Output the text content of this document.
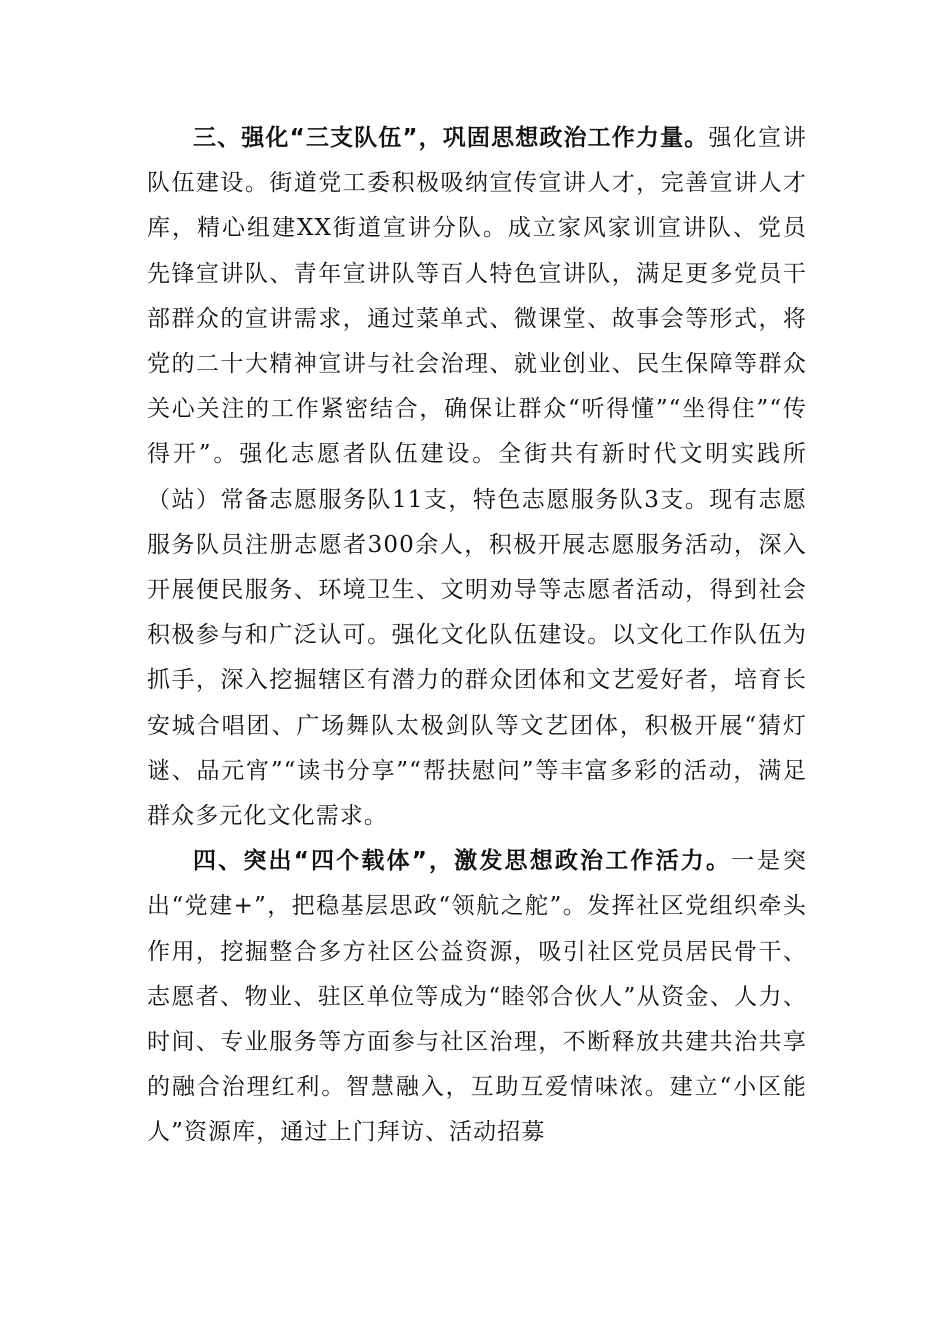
三、强化“三支队伍”，巩固思想政治工作力量。强化宣讲队伍建设。街道党工委积极吸纳宣传宣讲人才，完善宣讲人才库，精心组建XX街道宣讲分队。成立家风家训宣讲队、党员先锋宣讲队、青年宣讲队等百人特色宣讲队，满足更多党员干部群众的宣讲需求，通过菜单式、微课堂、故事会等形式，将党的二十大精神宣讲与社会治理、就业创业、民生保障等群众关心关注的工作紧密结合，确保让群众“听得懂”“坐得住”“传得开”。强化志愿者队伍建设。全街共有新时代文明实践所（站）常备志愿服务队11支，特色志愿服务队3支。现有志愿服务队员注册志愿者300余人，积极开展志愿服务活动，深入开展便民服务、环境卫生、文明劝导等志愿者活动，得到社会积极参与和广泛认可。强化文化队伍建设。以文化工作队伍为抓手，深入挖掘辖区有潜力的群众团体和文艺爱好者，培育长安城合唱团、广场舞队太极剑队等文艺团体，积极开展“猜灯谜、品元宵”“读书分享”“帮扶慰问”等丰富多彩的活动，满足群众多元化文化需求。

四、突出“四个载体”，激发思想政治工作活力。一是突出“党建+”，把稳基层思政“领航之舵”。发挥社区党组织牵头作用，挖掘整合多方社区公益资源，吸引社区党员居民骨干、志愿者、物业、驻区单位等成为“睦邻合伙人”从资金、人力、时间、专业服务等方面参与社区治理，不断释放共建共治共享的融合治理红利。智慧融入，互助互爱情味浓。建立“小区能人”资源库，通过上门拜访、活动招募
